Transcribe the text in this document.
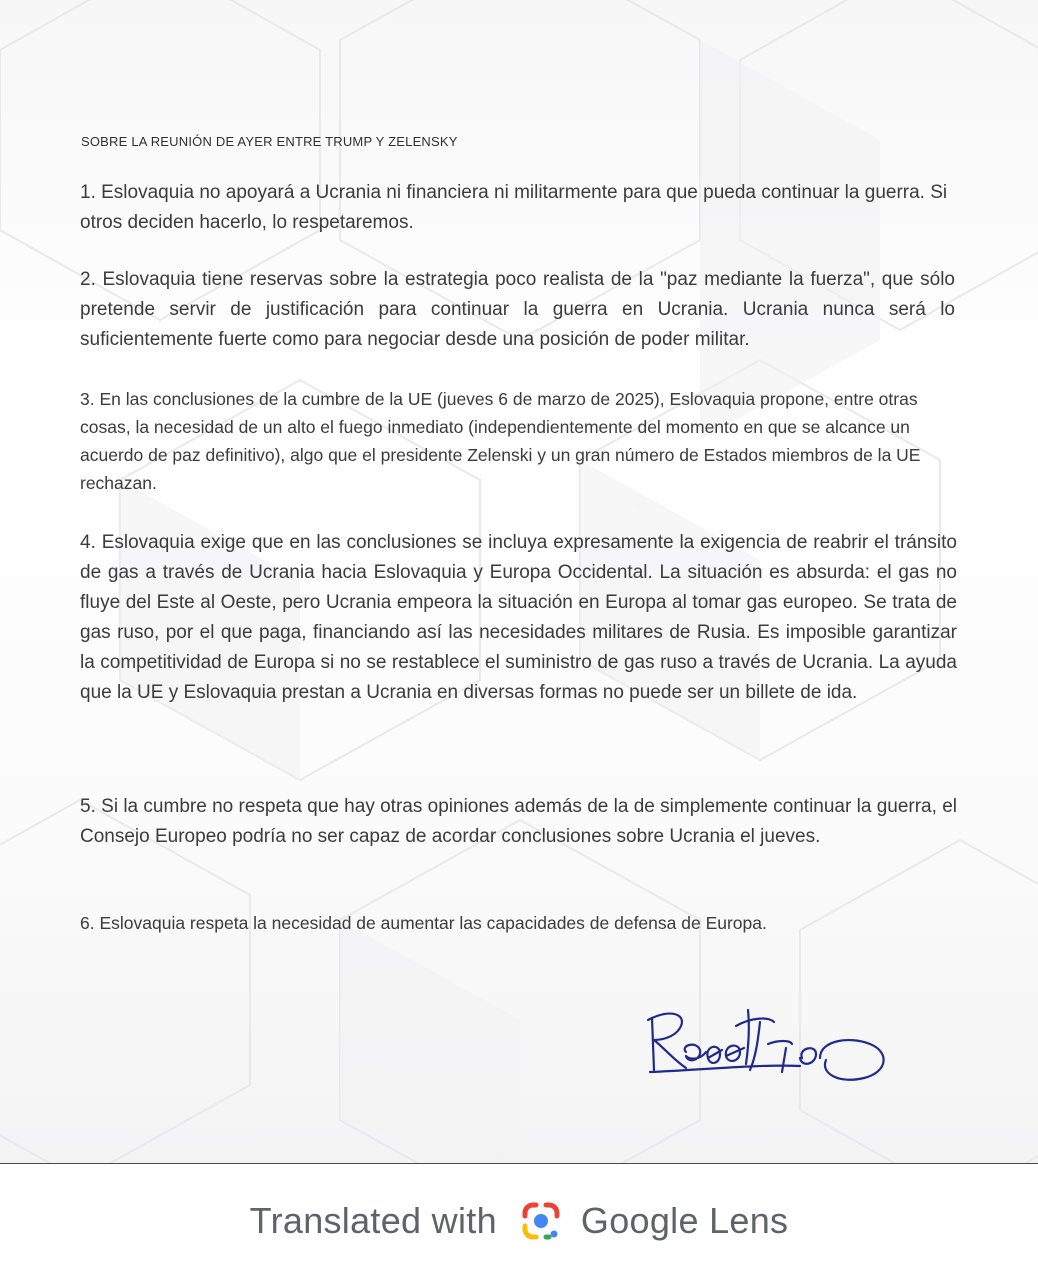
SOBRE LA REUNIÓN DE AYER ENTRE TRUMP Y ZELENSKY

1. Eslovaquia no apoyará a Ucrania ni financiera ni militarmente para que pueda continuar la guerra. Si otros deciden hacerlo, lo respetaremos.

2. Eslovaquia tiene reservas sobre la estrategia poco realista de la "paz mediante la fuerza", que sólo pretende servir de justificación para continuar la guerra en Ucrania. Ucrania nunca será lo suficientemente fuerte como para negociar desde una posición de poder militar.

3. En las conclusiones de la cumbre de la UE (jueves 6 de marzo de 2025), Eslovaquia propone, entre otras cosas, la necesidad de un alto el fuego inmediato (independientemente del momento en que se alcance un acuerdo de paz definitivo), algo que el presidente Zelenski y un gran número de Estados miembros de la UE rechazan.

4. Eslovaquia exige que en las conclusiones se incluya expresamente la exigencia de reabrir el tránsito de gas a través de Ucrania hacia Eslovaquia y Europa Occidental. La situación es absurda: el gas no fluye del Este al Oeste, pero Ucrania empeora la situación en Europa al tomar gas europeo. Se trata de gas ruso, por el que paga, financiando así las necesidades militares de Rusia. Es imposible garantizar la competitividad de Europa si no se restablece el suministro de gas ruso a través de Ucrania. La ayuda que la UE y Eslovaquia prestan a Ucrania en diversas formas no puede ser un billete de ida.

5. Si la cumbre no respeta que hay otras opiniones además de la de simplemente continuar la guerra, el Consejo Europeo podría no ser capaz de acordar conclusiones sobre Ucrania el jueves.

6. Eslovaquia respeta la necesidad de aumentar las capacidades de defensa de Europa.

Translated with Google Lens
